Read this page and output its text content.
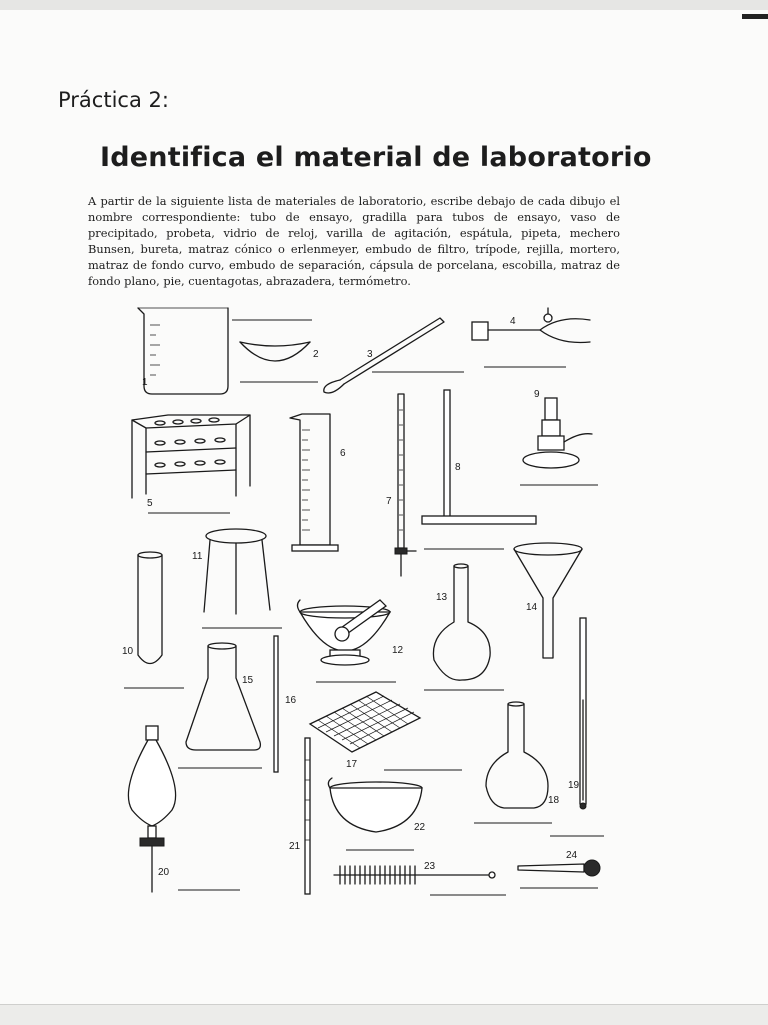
Práctica 2:
Identifica el material de laboratorio
A partir de la siguiente lista de materiales de laboratorio, escribe debajo de cada dibujo el nombre correspondiente: tubo de ensayo, gradilla para tubos de ensayo, vaso de precipitado, probeta, vidrio de reloj, varilla de agitación, espátula, pipeta, mechero Bunsen, bureta, matraz cónico o erlenmeyer, embudo de filtro, trípode, rejilla, mortero, matraz de fondo curvo, embudo de separación, cápsula de porcelana, escobilla, matraz de fondo plano, pie, cuentagotas, abrazadera, termómetro.
1
2	3
4
5
6
7
8
9
10
11
12
13
14
15
16
17
18
19
20
21
22
23
24
